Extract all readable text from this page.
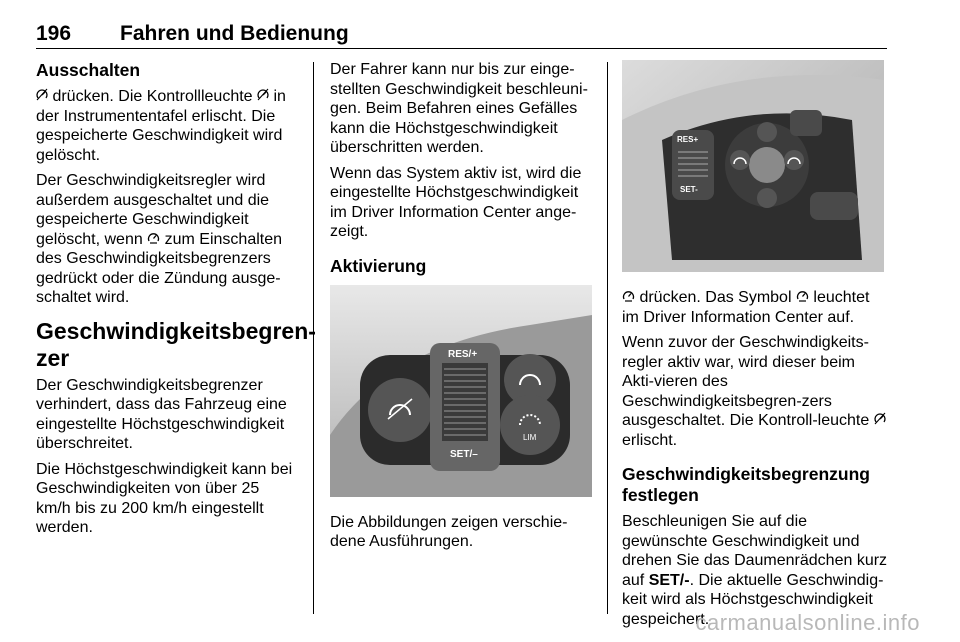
196 Fahren und Bedienung
Ausschalten

drücken. Die Kontrollleuchte  in der Instrumententafel erlischt. Die gespeicherte Geschwindigkeit wird gelöscht.

Der Geschwindigkeitsregler wird außerdem ausgeschaltet und die gespeicherte Geschwindigkeit gelöscht, wenn  zum Einschalten des Geschwindigkeitsbegrenzers gedrückt oder die Zündung ausge-schaltet wird.

Geschwindigkeitsbegren-zer

Der Geschwindigkeitsbegrenzer verhindert, dass das Fahrzeug eine eingestellte Höchstgeschwindigkeit überschreitet.

Die Höchstgeschwindigkeit kann bei Geschwindigkeiten von über 25 km/h bis zu 200 km/h eingestellt werden.

Der Fahrer kann nur bis zur einge-stellten Geschwindigkeit beschleuni-gen. Beim Befahren eines Gefälles kann die Höchstgeschwindigkeit überschritten werden.

Wenn das System aktiv ist, wird die eingestellte Höchstgeschwindigkeit im Driver Information Center ange-zeigt.

Aktivierung
RES/+
SET/–
LIM

Die Abbildungen zeigen verschie-dene Ausführungen.

RES+
SET-

drücken. Das Symbol  leuchtet im Driver Information Center auf.

Wenn zuvor der Geschwindigkeits-regler aktiv war, wird dieser beim Akti-vieren des Geschwindigkeitsbegren-zers ausgeschaltet. Die Kontroll-leuchte  erlischt.

Geschwindigkeitsbegrenzung festlegen

Beschleunigen Sie auf die gewünschte Geschwindigkeit und drehen Sie das Daumenrädchen kurz auf SET/-. Die aktuelle Geschwindig-keit wird als Höchstgeschwindigkeit gespeichert.

carmanualsonline.info
